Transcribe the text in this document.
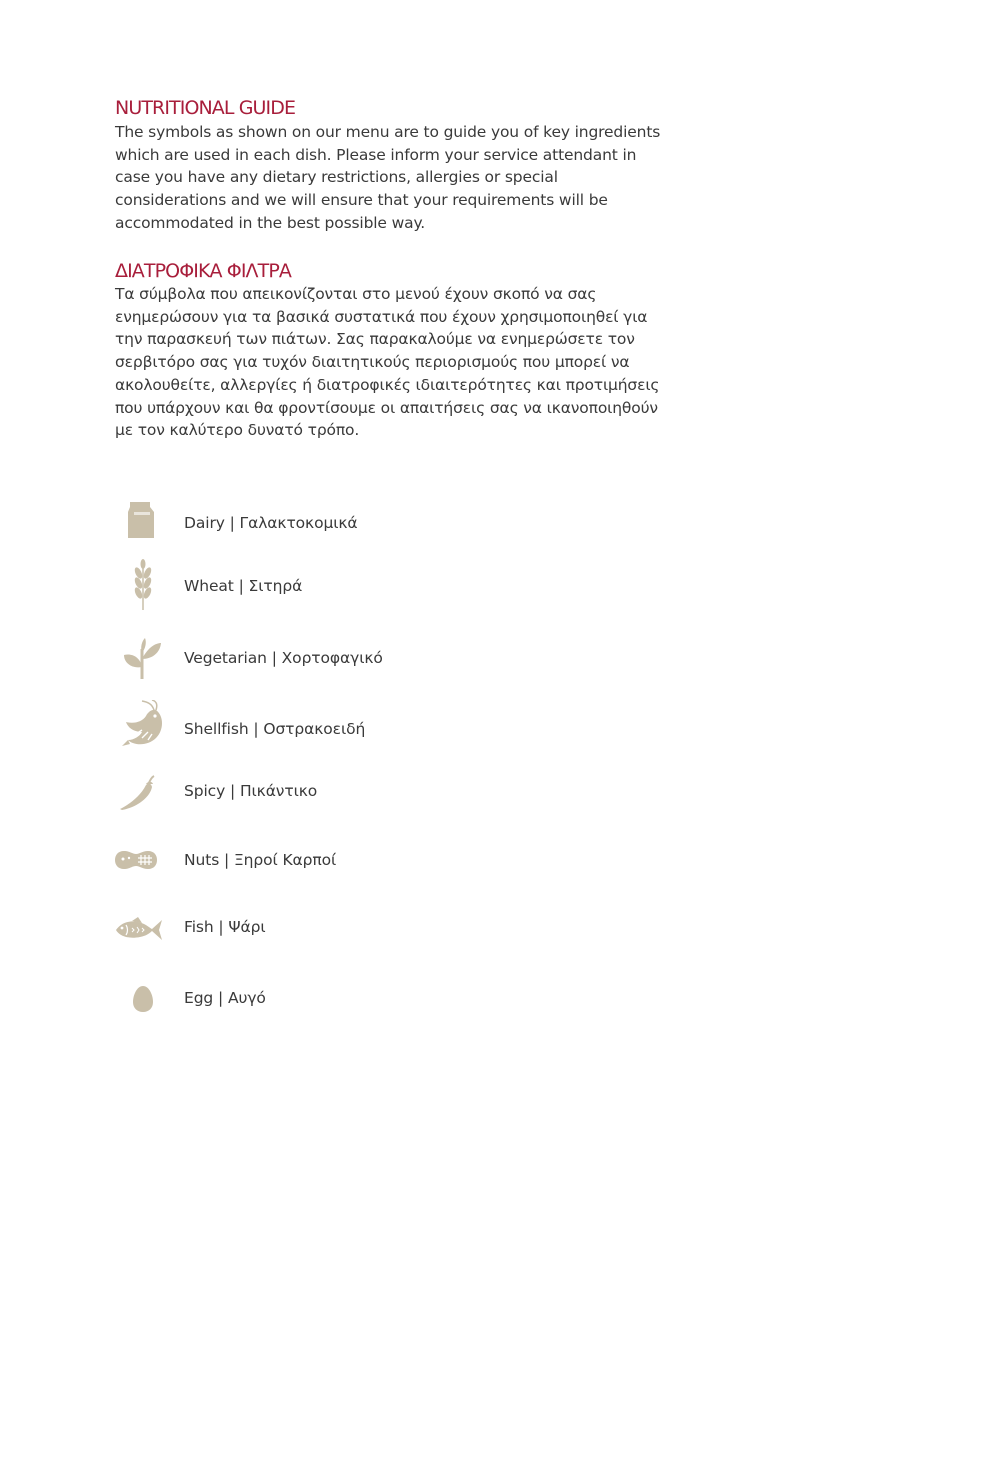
NUTRITIONAL GUIDE

The symbols as shown on our menu are to guide you of key ingredients
which are used in each dish. Please inform your service attendant in
case you have any dietary restrictions, allergies or special
considerations and we will ensure that your requirements will be
accommodated in the best possible way.

ΔΙΑΤΡΟΦΙΚΑ ΦΙΛΤΡΑ

Τα σύμβολα που απεικονίζονται στο μενού έχουν σκοπό να σας
ενημερώσουν για τα βασικά συστατικά που έχουν χρησιμοποιηθεί για
την παρασκευή των πιάτων. Σας παρακαλούμε να ενημερώσετε τον
σερβιτόρο σας για τυχόν διαιτητικούς περιορισμούς που μπορεί να
ακολουθείτε, αλλεργίες ή διατροφικές ιδιαιτερότητες και προτιμήσεις
που υπάρχουν και θα φροντίσουμε οι απαιτήσεις σας να ικανοποιηθούν
με τον καλύτερο δυνατό τρόπο.

Dairy | Γαλακτοκομικά
Wheat | Σιτηρά
Vegetarian | Χορτοφαγικό
Shellfish | Οστρακοειδή
Spicy | Πικάντικο
Nuts | Ξηροί Καρποί
Fish | Ψάρι
Egg | Αυγό
